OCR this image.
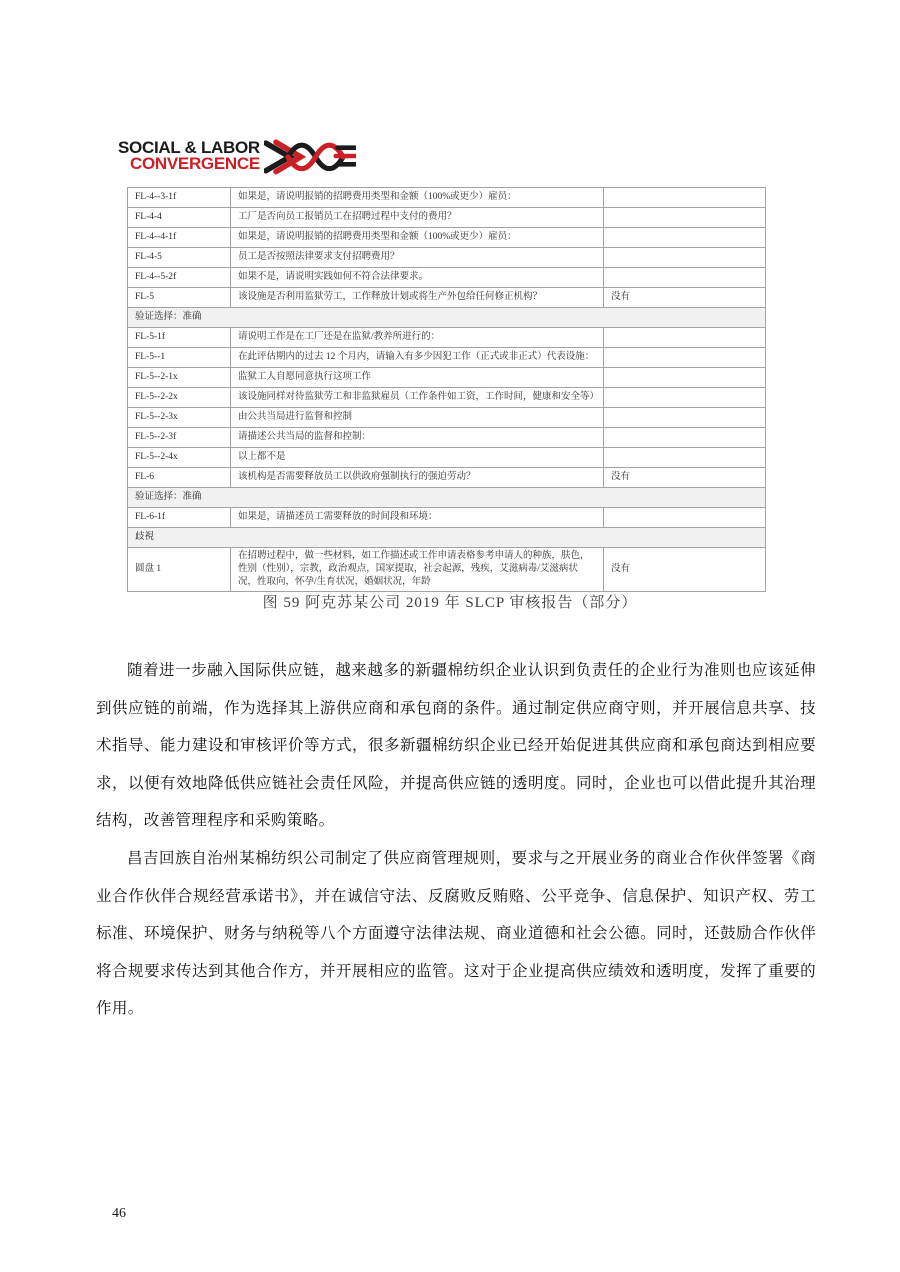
SOCIAL & LABOR
CONVERGENCE
FL-4--3-1f	如果是，请说明报销的招聘费用类型和金额（100%或更少）雇员：	
FL-4-4	工厂是否向员工报销员工在招聘过程中支付的费用？	
FL-4--4-1f	如果是，请说明报销的招聘费用类型和金额（100%或更少）雇员：	
FL-4-5	员工是否按照法律要求支付招聘费用？	
FL-4--5-2f	如果不是，请说明实践如何不符合法律要求。	
FL-5	该设施是否利用监狱劳工，工作释放计划或将生产外包给任何修正机构？	没有
验证选择：准确		
FL-5-1f	请说明工作是在工厂还是在监狱/教养所进行的：	
FL-5--1	在此评估期内的过去 12 个月内，请输入有多少因犯工作（正式或非正式）代表设施：	
FL-5--2-1x	监狱工人自愿同意执行这项工作	
FL-5--2-2x	该设施同样对待监狱劳工和非监狱雇员（工作条件如工资，工作时间，健康和安全等）	
FL-5--2-3x	由公共当局进行监督和控制	
FL-5--2-3f	请描述公共当局的监督和控制：	
FL-5--2-4x	以上都不是	
FL-6	该机构是否需要释放员工以供政府强制执行的强迫劳动？	没有
验证选择：准确		
FL-6-1f	如果是，请描述员工需要释放的时间段和环境：	
歧視		
圆盘 1	在招聘过程中，做一些材料，如工作描述或工作申请表格参考申请人的种族，肤色，性别（性别），宗教，政治观点，国家提取，社会起源，残疾，艾滋病毒/艾滋病状况，性取向，怀孕/生育状况，婚姻状况，年龄	没有
图 59 阿克苏某公司 2019 年 SLCP 审核报告（部分）

随着进一步融入国际供应链，越来越多的新疆棉纺织企业认识到负责任的企业行为准则也应该延伸到供应链的前端，作为选择其上游供应商和承包商的条件。通过制定供应商守则，并开展信息共享、技术指导、能力建设和审核评价等方式，很多新疆棉纺织企业已经开始促进其供应商和承包商达到相应要求，以便有效地降低供应链社会责任风险，并提高供应链的透明度。同时，企业也可以借此提升其治理结构，改善管理程序和采购策略。

昌吉回族自治州某棉纺织公司制定了供应商管理规则，要求与之开展业务的商业合作伙伴签署《商业合作伙伴合规经营承诺书》，并在诚信守法、反腐败反贿赂、公平竞争、信息保护、知识产权、劳工标准、环境保护、财务与纳税等八个方面遵守法律法规、商业道德和社会公德。同时，还鼓励合作伙伴将合规要求传达到其他合作方，并开展相应的监管。这对于企业提高供应绩效和透明度，发挥了重要的作用。

46
